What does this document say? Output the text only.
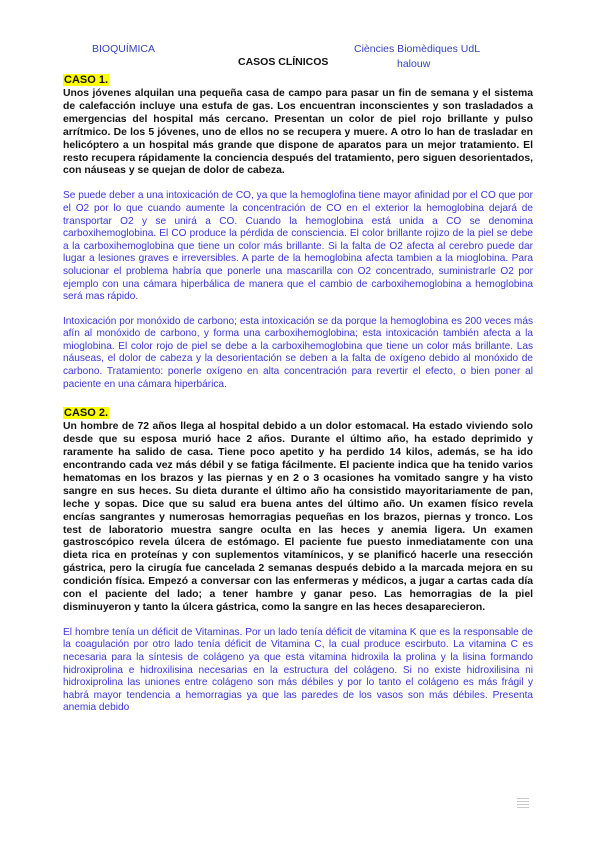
BIOQUÍMICA
CASOS CLÍNICOS
Ciències Biomèdiques UdL
halouw
CASO 1.

Unos jóvenes alquilan una pequeña casa de campo para pasar un fin de semana y el sistema de calefacción incluye una estufa de gas. Los encuentran inconscientes y son trasladados a emergencias del hospital más cercano. Presentan un color de piel rojo brillante y pulso arrítmico. De los 5 jóvenes, uno de ellos no se recupera y muere. A otro lo han de trasladar en helicóptero a un hospital más grande que dispone de aparatos para un mejor tratamiento. El resto recupera rápidamente la conciencia después del tratamiento, pero siguen desorientados, con náuseas y se quejan de dolor de cabeza.

Se puede deber a una intoxicación de CO, ya que la hemoglofina tiene mayor afinidad por el CO que por el O2 por lo que cuando aumente la concentración de CO en el exterior la hemoglobina dejará de transportar O2 y se unirá a CO. Cuando la hemoglobina está unida a CO se denomina carboxihemoglobina. El CO produce la pérdida de consciencia. El color brillante rojizo de la piel se debe a la carboxihemoglobina que tiene un color más brillante. Si la falta de O2 afecta al cerebro puede dar lugar a lesiones graves e irreversibles. A parte de la hemoglobina afecta tambien a la mioglobina. Para solucionar el problema habría que ponerle una mascarilla con O2 concentrado, suministrarle O2 por ejemplo con una cámara hiperbálica de manera que el cambio de carboxihemoglobina a hemoglobina será mas rápido.

Intoxicación por monóxido de carbono; esta intoxicación se da porque la hemoglobina es 200 veces más afín al monóxido de carbono, y forma una carboxihemoglobina; esta intoxicación también afecta a la mioglobina. El color rojo de piel se debe a la carboxihemoglobina que tiene un color más brillante. Las náuseas, el dolor de cabeza y la desorientación se deben a la falta de oxígeno debido al monóxido de carbono. Tratamiento: ponerle oxígeno en alta concentración para revertir el efecto, o bien poner al paciente en una cámara hiperbárica.

CASO 2.

Un hombre de 72 años llega al hospital debido a un dolor estomacal. Ha estado viviendo solo desde que su esposa murió hace 2 años. Durante el último año, ha estado deprimido y raramente ha salido de casa. Tiene poco apetito y ha perdido 14 kilos, además, se ha ido encontrando cada vez más débil y se fatiga fácilmente. El paciente indica que ha tenido varios hematomas en los brazos y las piernas y en 2 o 3 ocasiones ha vomitado sangre y ha visto sangre en sus heces. Su dieta durante el último año ha consistido mayoritariamente de pan, leche y sopas. Dice que su salud era buena antes del último año. Un examen físico revela encías sangrantes y numerosas hemorragias pequeñas en los brazos, piernas y tronco. Los test de laboratorio muestra sangre oculta en las heces y anemia ligera. Un examen gastroscópico revela úlcera de estómago. El paciente fue puesto inmediatamente con una dieta rica en proteínas y con suplementos vitamínicos, y se planificó hacerle una resección gástrica, pero la cirugía fue cancelada 2 semanas después debido a la marcada mejora en su condición física. Empezó a conversar con las enfermeras y médicos, a jugar a cartas cada día con el paciente del lado; a tener hambre y ganar peso. Las hemorragias de la piel disminuyeron y tanto la úlcera gástrica, como la sangre en las heces desaparecieron.

El hombre tenía un déficit de Vitaminas. Por un lado tenía déficit de vitamina K que es la responsable de la coagulación por otro lado tenía déficit de Vitamina C, la cual produce escirbuto. La vitamina C es necesaria para la síntesis de colágeno ya que esta vitamina hidroxila la prolina y la lisina formando hidroxiprolina e hidroxilisina necesarias en la estructura del colágeno. Si no existe hidroxilisina ni hidroxiprolina las uniones entre colágeno son más débiles y por lo tanto el colágeno es más frágil y habrá mayor tendencia a hemorragias ya que las paredes de los vasos son más débiles. Presenta anemia debido
